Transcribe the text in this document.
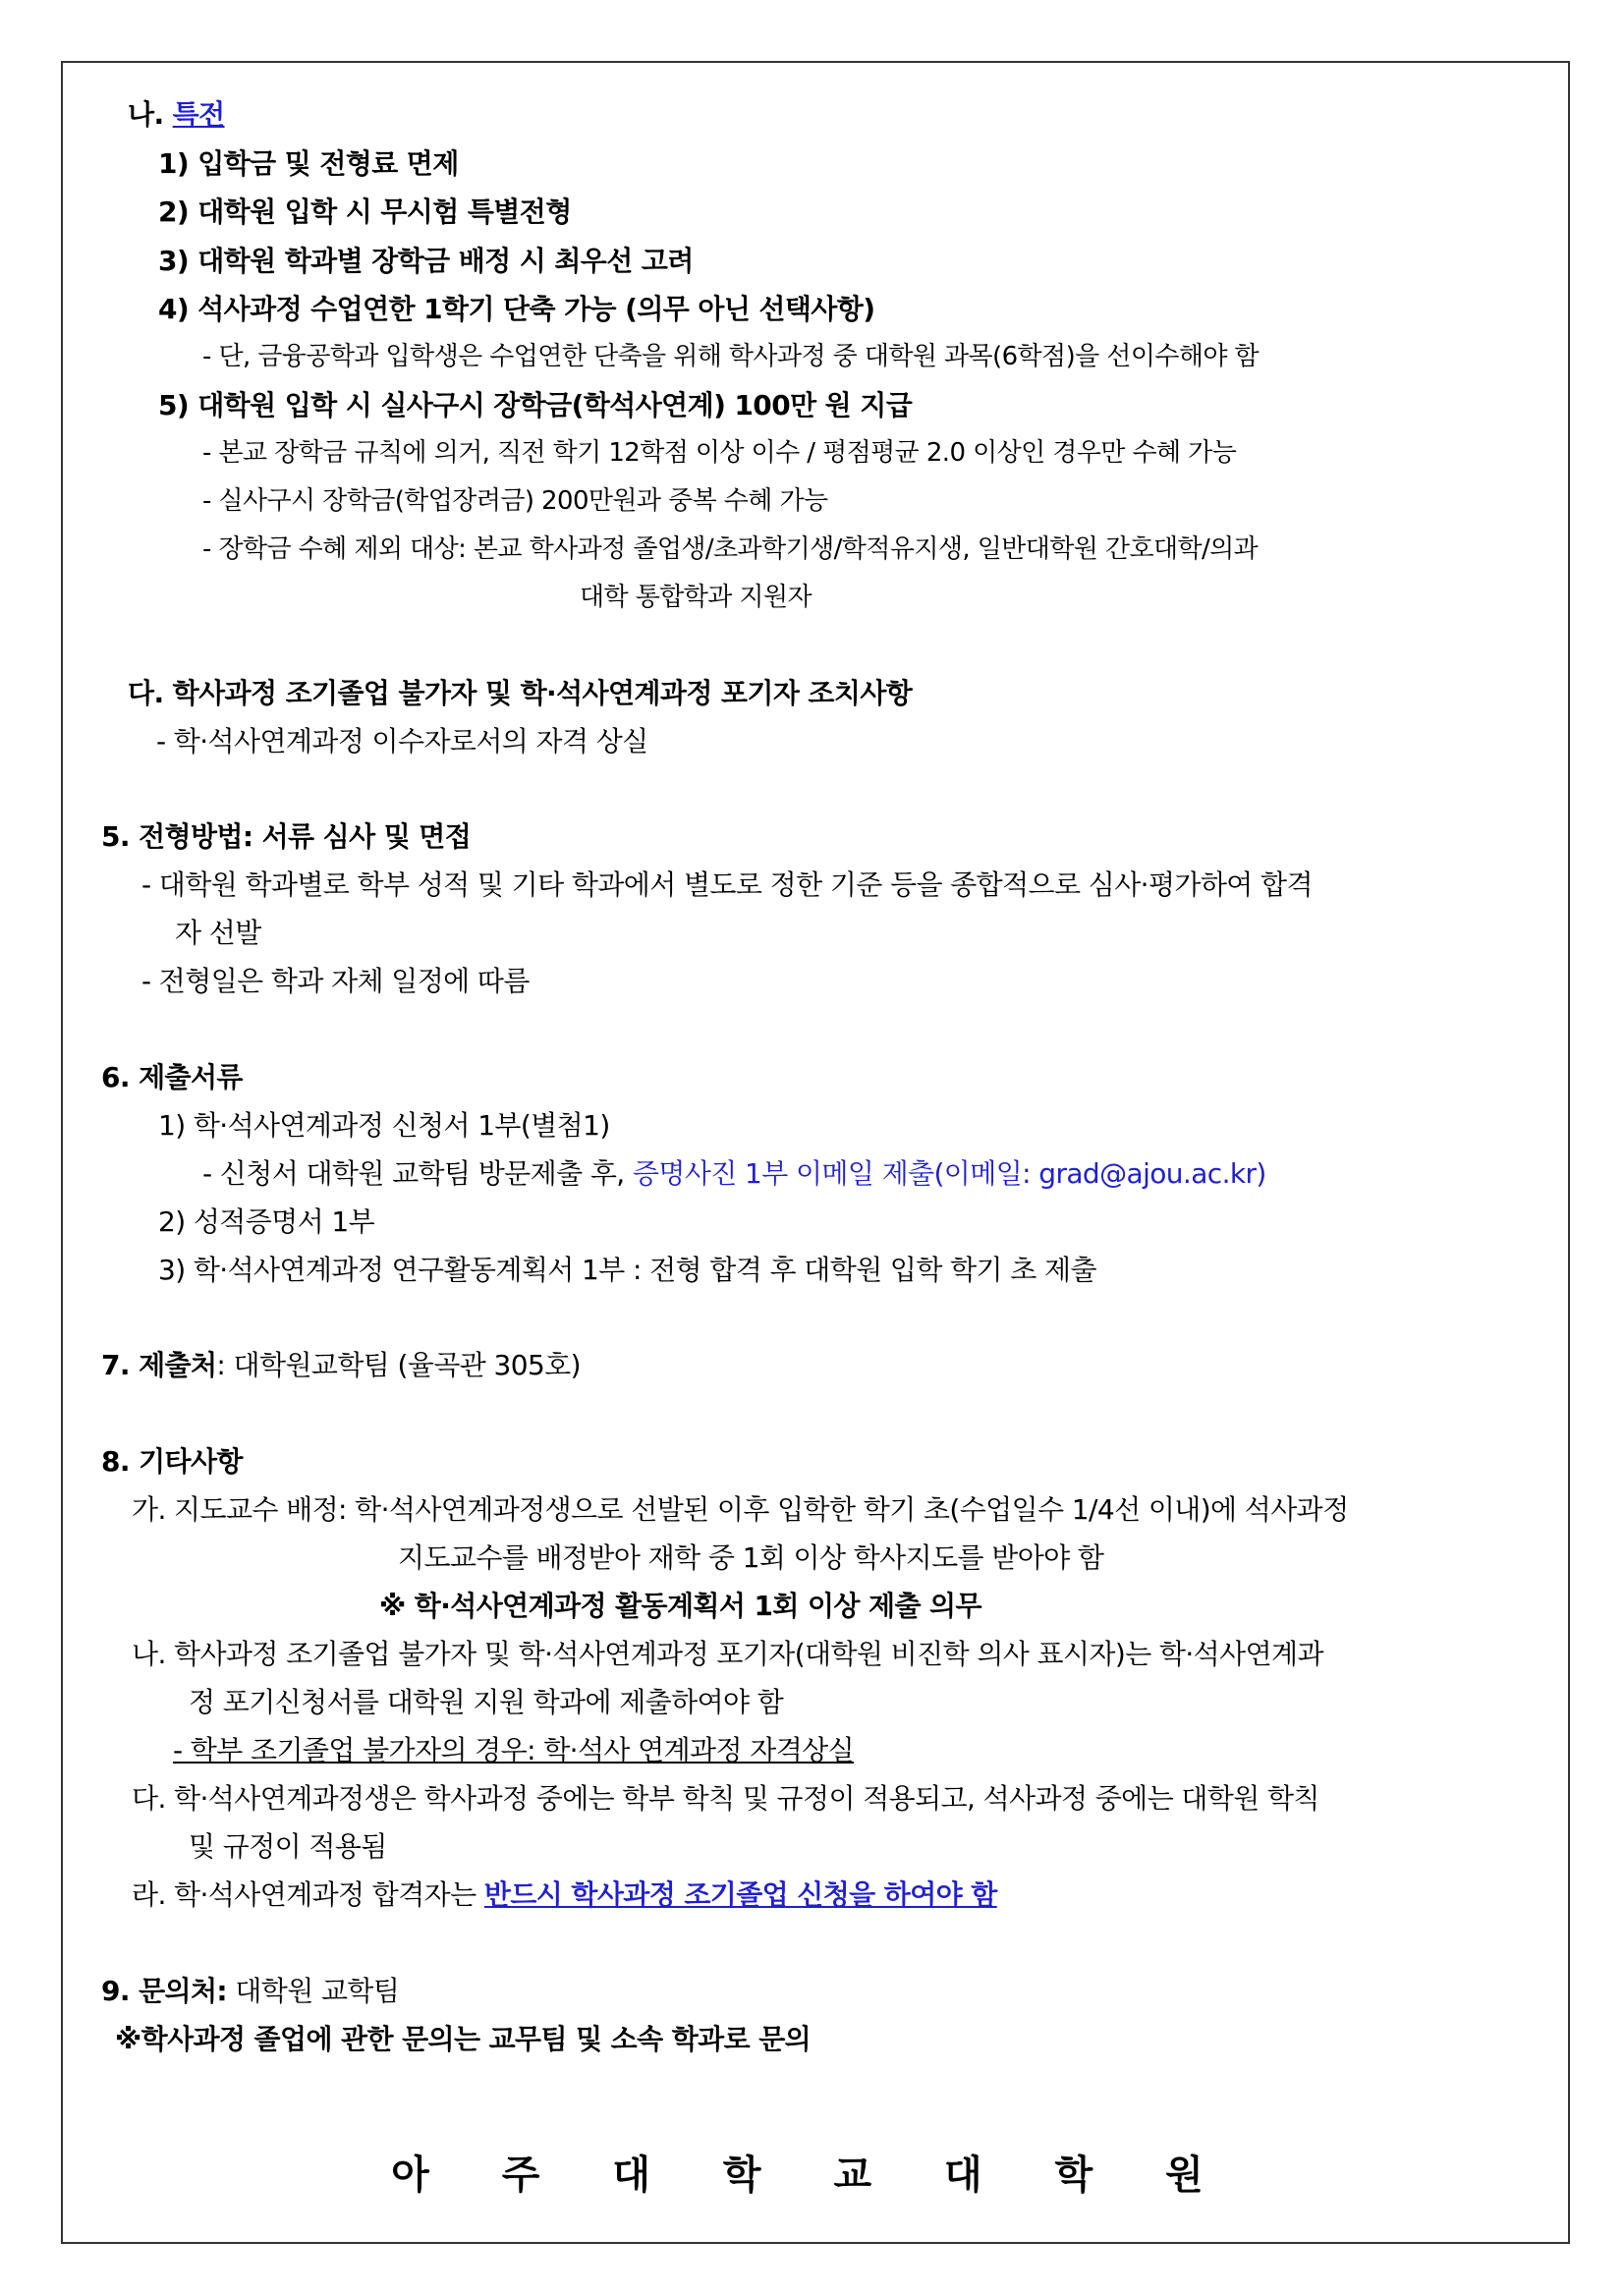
나. 특전
1) 입학금 및 전형료 면제
2) 대학원 입학 시 무시험 특별전형
3) 대학원 학과별 장학금 배정 시 최우선 고려
4) 석사과정 수업연한 1학기 단축 가능 (의무 아닌 선택사항)
- 단, 금융공학과 입학생은 수업연한 단축을 위해 학사과정 중 대학원 과목(6학점)을 선이수해야 함
5) 대학원 입학 시 실사구시 장학금(학석사연계) 100만 원 지급
- 본교 장학금 규칙에 의거, 직전 학기 12학점 이상 이수 / 평점평균 2.0 이상인 경우만 수혜 가능
- 실사구시 장학금(학업장려금) 200만원과 중복 수혜 가능
- 장학금 수혜 제외 대상: 본교 학사과정 졸업생/초과학기생/학적유지생, 일반대학원 간호대학/의과
대학 통합학과 지원자
다. 학사과정 조기졸업 불가자 및 학·석사연계과정 포기자 조치사항
- 학·석사연계과정 이수자로서의 자격 상실
5. 전형방법: 서류 심사 및 면접
- 대학원 학과별로 학부 성적 및 기타 학과에서 별도로 정한 기준 등을 종합적으로 심사·평가하여 합격
자 선발
- 전형일은 학과 자체 일정에 따름
6. 제출서류
1) 학·석사연계과정 신청서 1부(별첨1)
- 신청서 대학원 교학팀 방문제출 후, 증명사진 1부 이메일 제출(이메일: grad@ajou.ac.kr)
2) 성적증명서 1부
3) 학·석사연계과정 연구활동계획서 1부 : 전형 합격 후 대학원 입학 학기 초 제출
7. 제출처: 대학원교학팀 (율곡관 305호)
8. 기타사항
가. 지도교수 배정: 학·석사연계과정생으로 선발된 이후 입학한 학기 초(수업일수 1/4선 이내)에 석사과정
지도교수를 배정받아 재학 중 1회 이상 학사지도를 받아야 함
※ 학·석사연계과정 활동계획서 1회 이상 제출 의무
나. 학사과정 조기졸업 불가자 및 학·석사연계과정 포기자(대학원 비진학 의사 표시자)는 학·석사연계과
정 포기신청서를 대학원 지원 학과에 제출하여야 함
- 학부 조기졸업 불가자의 경우: 학·석사 연계과정 자격상실
다. 학·석사연계과정생은 학사과정 중에는 학부 학칙 및 규정이 적용되고, 석사과정 중에는 대학원 학칙
및 규정이 적용됨
라. 학·석사연계과정 합격자는 반드시 학사과정 조기졸업 신청을 하여야 함
9. 문의처: 대학원 교학팀
※학사과정 졸업에 관한 문의는 교무팀 및 소속 학과로 문의
아 주 대 학 교 대 학 원
